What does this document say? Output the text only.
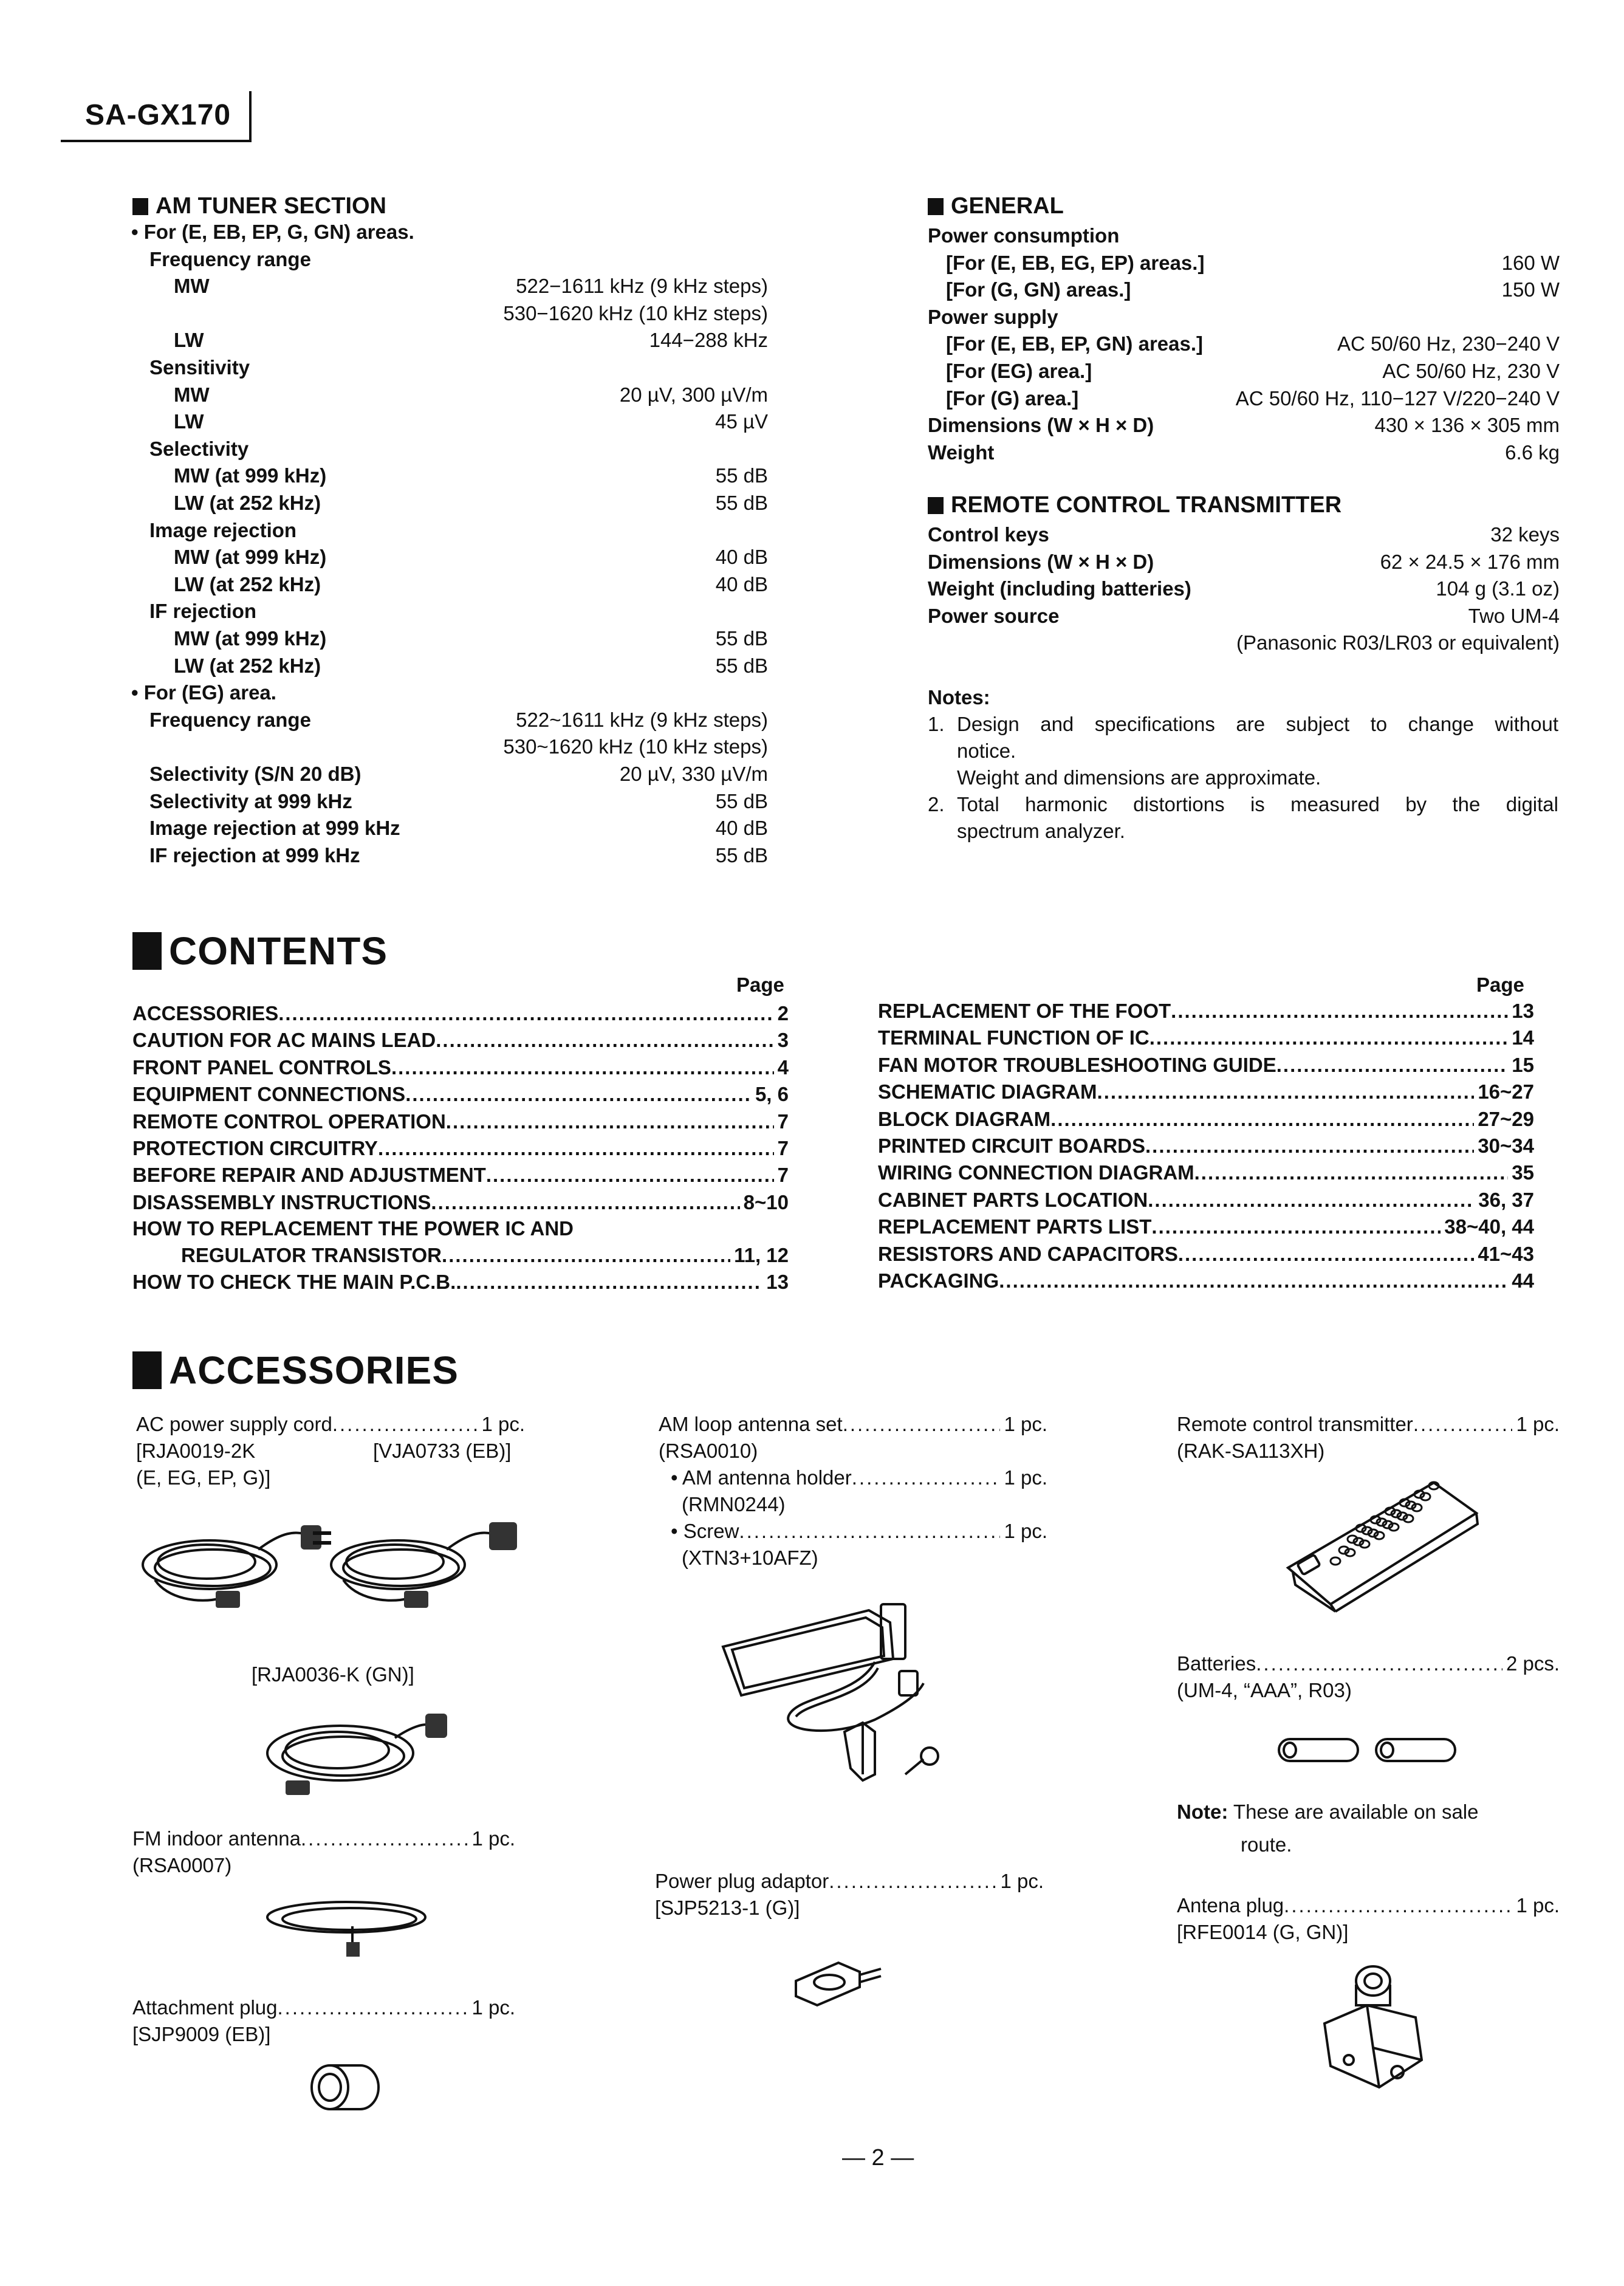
SA-GX170
AM TUNER SECTION
• For (E, EB, EP, G, GN) areas.
Frequency range
MW	522−1611 kHz (9 kHz steps)
530−1620 kHz (10 kHz steps)
LW	144−288 kHz
Sensitivity
MW	20 µV, 300 µV/m
LW	45 µV
Selectivity
MW (at 999 kHz)	55 dB
LW (at 252 kHz)	55 dB
Image rejection
MW (at 999 kHz)	40 dB
LW (at 252 kHz)	40 dB
IF rejection
MW (at 999 kHz)	55 dB
LW (at 252 kHz)	55 dB
• For (EG) area.
Frequency range	522~1611 kHz (9 kHz steps)
530~1620 kHz (10 kHz steps)
Selectivity (S/N 20 dB)	20 µV, 330 µV/m
Selectivity at 999 kHz	55 dB
Image rejection at 999 kHz	40 dB
IF rejection at 999 kHz	55 dB
GENERAL
Power consumption
[For (E, EB, EG, EP) areas.]	160 W
[For (G, GN) areas.]	150 W
Power supply
[For (E, EB, EP, GN) areas.]	AC 50/60 Hz, 230−240 V
[For (EG) area.]	AC 50/60 Hz, 230 V
[For (G) area.]	AC 50/60 Hz, 110−127 V/220−240 V
Dimensions (W × H × D)	430 × 136 × 305 mm
Weight	6.6 kg
REMOTE CONTROL TRANSMITTER
Control keys	32 keys
Dimensions (W × H × D)	62 × 24.5 × 176 mm
Weight (including batteries)	104 g (3.1 oz)
Power source	Two UM-4
(Panasonic R03/LR03 or equivalent)
Notes:
1. Design and specifications are subject to change without
notice.
Weight and dimensions are approximate.
2. Total harmonic distortions is measured by the digital
spectrum analyzer.
CONTENTS
Page	Page
ACCESSORIES .....	2
CAUTION FOR AC MAINS LEAD .....	3
FRONT PANEL CONTROLS .....	4
EQUIPMENT CONNECTIONS .....	5, 6
REMOTE CONTROL OPERATION .....	7
PROTECTION CIRCUITRY .....	7
BEFORE REPAIR AND ADJUSTMENT .....	7
DISASSEMBLY INSTRUCTIONS .....	8~10
REPLACEMENT OF THE FOOT .....	13
TERMINAL FUNCTION OF IC .....	14
FAN MOTOR TROUBLESHOOTING GUIDE .....	15
SCHEMATIC DIAGRAM .....	16~27
BLOCK DIAGRAM .....	27~29
PRINTED CIRCUIT BOARDS .....	30~34
WIRING CONNECTION DIAGRAM .....	35
CABINET PARTS LOCATION .....	36, 37
REPLACEMENT PARTS LIST .....	38~40, 44
RESISTORS AND CAPACITORS .....	41~43
PACKAGING .....	44
HOW TO REPLACEMENT THE POWER IC AND
REGULATOR TRANSISTOR .....	11, 12
HOW TO CHECK THE MAIN P.C.B. .....	13
ACCESSORIES
AC power supply cord .....	1 pc.
[RJA0019-2K	[VJA0733 (EB)]
(E, EG, EP, G)]
[RJA0036-K (GN)]
FM indoor antenna .....	1 pc.
(RSA0007)
Attachment plug .....	1 pc.
[SJP9009 (EB)]
AM loop antenna set .....	1 pc.
(RSA0010)
• AM antenna holder .....	1 pc.
(RMN0244)
• Screw .....	1 pc.
(XTN3+10AFZ)
Power plug adaptor .....	1 pc.
[SJP5213-1 (G)]
Remote control transmitter .....	1 pc.
(RAK-SA113XH)
Batteries .....	2 pcs.
(UM-4, “AAA”, R03)
Note: These are available on sale
route.
Antena plug .....	1 pc.
[RFE0014 (G, GN)]
— 2 —
